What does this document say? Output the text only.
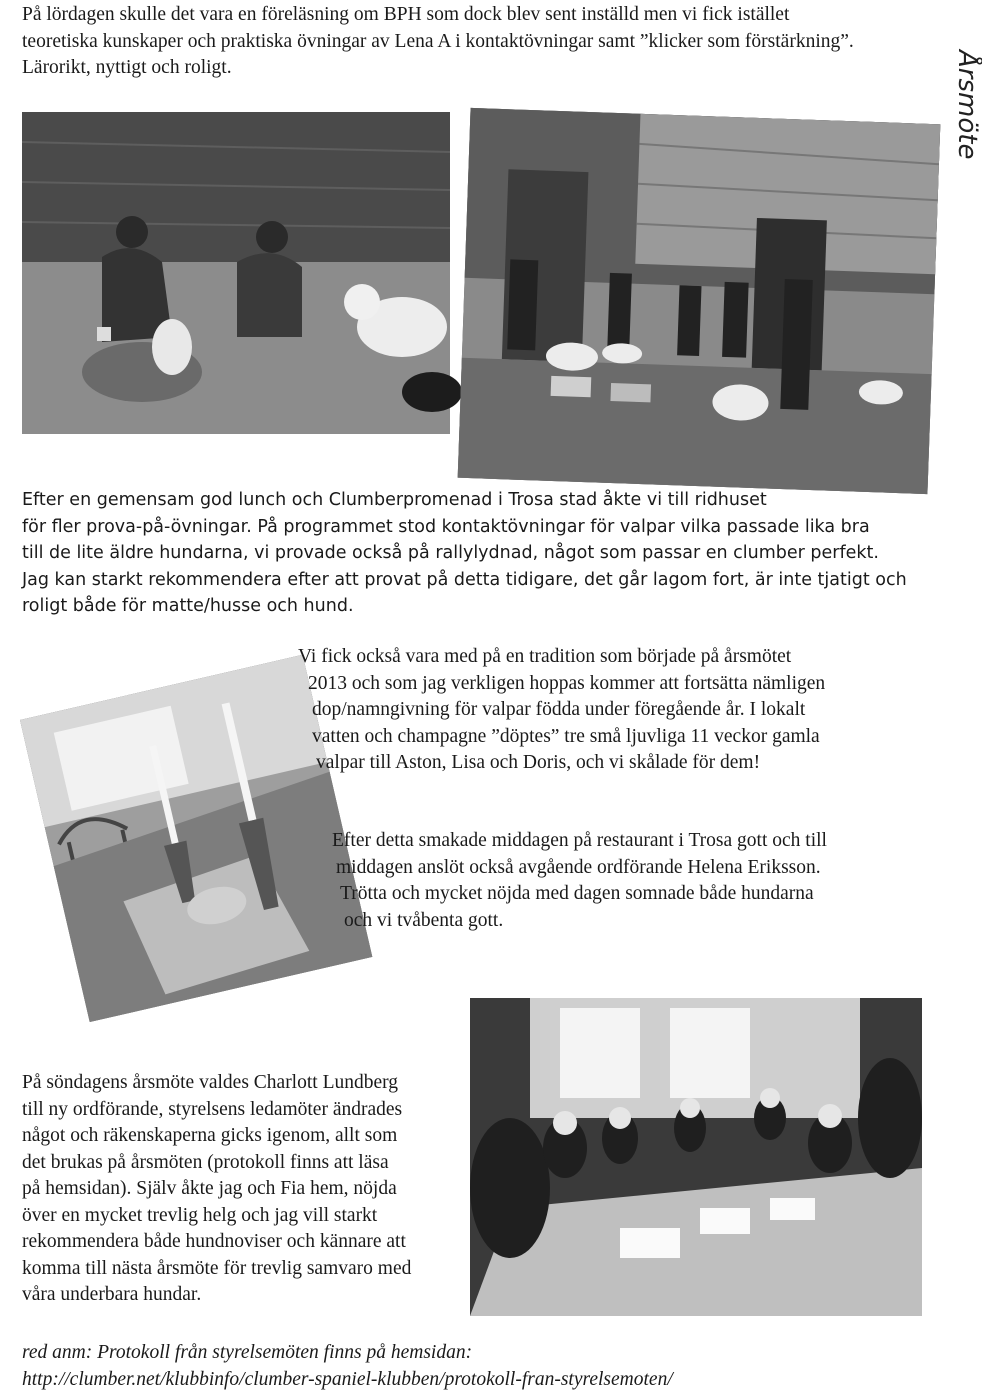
På lördagen skulle det vara en föreläsning om BPH som dock blev sent inställd men vi fick istället teoretiska kunskaper och praktiska övningar av Lena A i kontaktövningar samt ”klicker som förstärkning”. Lärorikt, nyttigt och roligt.	Årsmöte
Efter en gemensam god lunch och Clumberpromenad i Trosa stad åkte vi till ridhuset
för fler prova-på-övningar. På programmet stod kontaktövningar för valpar vilka passade lika bra
till de lite äldre hundarna, vi provade också på rallylydnad, något som passar en clumber perfekt.
Jag kan starkt rekommendera efter att provat på detta tidigare, det går lagom fort, är inte tjatigt och
roligt både för matte/husse och hund.
Vi fick också vara med på en tradition som började på årsmötet
2013 och som jag verkligen hoppas kommer att fortsätta nämligen
dop/namngivning för valpar födda under föregående år. I lokalt
vatten och champagne ”döptes” tre små ljuvliga 11 veckor gamla
valpar till Aston, Lisa och Doris, och vi skålade för dem!
Efter detta smakade middagen på restaurant i Trosa gott och till
middagen anslöt också avgående ordförande Helena Eriksson.
Trötta och mycket nöjda med dagen somnade både hundarna
och vi tvåbenta gott.
På söndagens årsmöte valdes Charlott Lundberg
till ny ordförande, styrelsens ledamöter ändrades
något och räkenskaperna gicks igenom, allt som
det brukas på årsmöten (protokoll finns att läsa
på hemsidan). Själv åkte jag och Fia hem, nöjda
över en mycket trevlig helg och jag vill starkt
rekommendera både hundnoviser och kännare att
komma till nästa årsmöte för trevlig samvaro med
våra underbara hundar.
red anm: Protokoll från styrelsemöten finns på hemsidan:
http://clumber.net/klubbinfo/clumber-spaniel-klubben/protokoll-fran-styrelsemoten/
